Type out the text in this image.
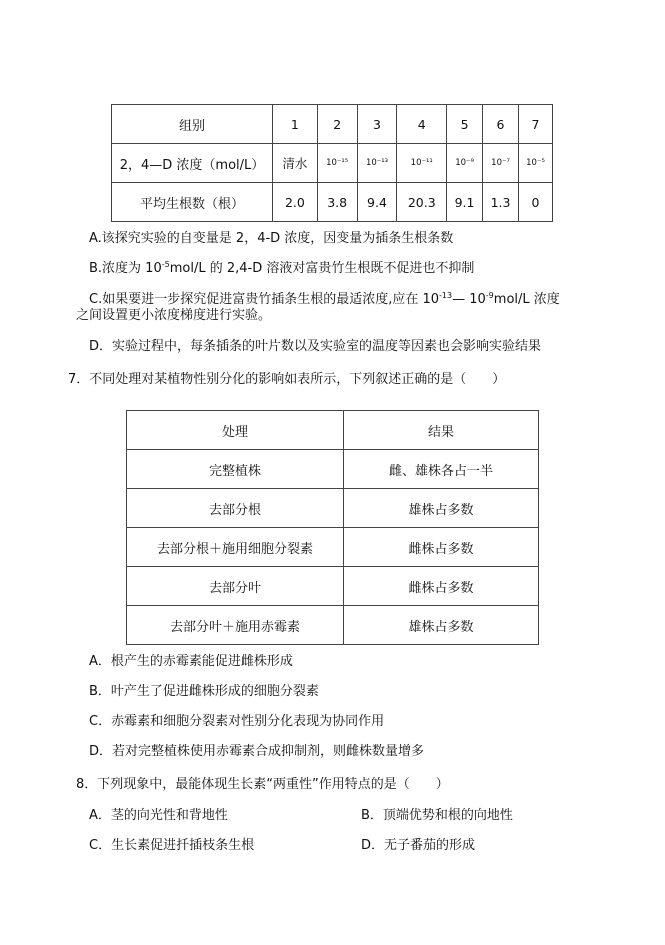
组别	1	2	3	4	5	6	7
2，4—D 浓度（mol/L）	清水	10⁻¹⁵	10⁻¹³	10⁻¹¹	10⁻⁹	10⁻⁷	10⁻⁵
平均生根数（根）	2.0	3.8	9.4	20.3	9.1	1.3	0
A.该探究实验的自变量是 2，4-D 浓度，因变量为插条生根条数
B.浓度为 $10^{-5}mol/L$ 的 2,4-D 溶液对富贵竹生根既不促进也不抑制
C.如果要进一步探究促进富贵竹插条生根的最适浓度,应在 $10^{-13}—$ $10^{-9}mol/L$ 浓度
之间设置更小浓度梯度进行实验。
D．实验过程中，每条插条的叶片数以及实验室的温度等因素也会影响实验结果
7．不同处理对某植物性别分化的影响如表所示，下列叙述正确的是（　　）
处理	结果
完整植株	雌、雄株各占一半
去部分根	雄株占多数
去部分根＋施用细胞分裂素	雌株占多数
去部分叶	雌株占多数
去部分叶＋施用赤霉素	雄株占多数
A．根产生的赤霉素能促进雌株形成
B．叶产生了促进雌株形成的细胞分裂素
C．赤霉素和细胞分裂素对性别分化表现为协同作用
D．若对完整植株使用赤霉素合成抑制剂，则雌株数量增多
8．下列现象中，最能体现生长素“两重性”作用特点的是（　　）
A．茎的向光性和背地性	B．顶端优势和根的向地性
C．生长素促进扦插枝条生根	D．无子番茄的形成
